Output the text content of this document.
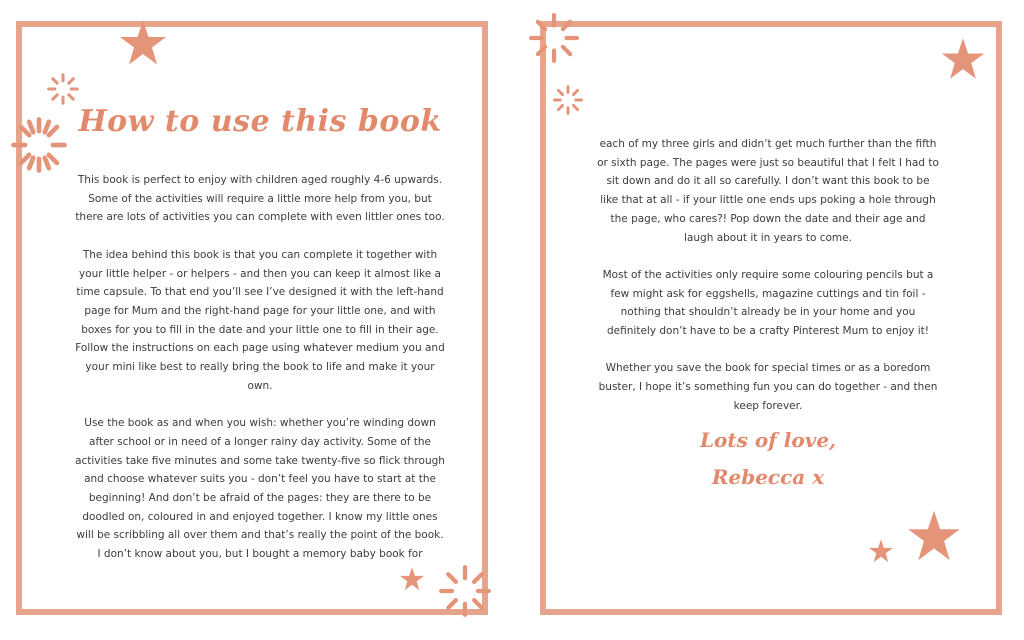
How to use this book

This book is perfect to enjoy with children aged roughly 4-6 upwards. Some of the activities will require a little more help from you, but there are lots of activities you can complete with even littler ones too.

The idea behind this book is that you can complete it together with your little helper - or helpers - and then you can keep it almost like a time capsule. To that end you’ll see I’ve designed it with the left-hand page for Mum and the right-hand page for your little one, and with boxes for you to fill in the date and your little one to fill in their age. Follow the instructions on each page using whatever medium you and your mini like best to really bring the book to life and make it your own.

Use the book as and when you wish: whether you’re winding down after school or in need of a longer rainy day activity. Some of the activities take five minutes and some take twenty-five so flick through and choose whatever suits you - don’t feel you have to start at the beginning! And don’t be afraid of the pages: they are there to be doodled on, coloured in and enjoyed together. I know my little ones will be scribbling all over them and that’s really the point of the book. I don’t know about you, but I bought a memory baby book for

each of my three girls and didn’t get much further than the fifth or sixth page. The pages were just so beautiful that I felt I had to sit down and do it all so carefully. I don’t want this book to be like that at all - if your little one ends ups poking a hole through the page, who cares?! Pop down the date and their age and laugh about it in years to come.

Most of the activities only require some colouring pencils but a few might ask for eggshells, magazine cuttings and tin foil - nothing that shouldn’t already be in your home and you definitely don’t have to be a crafty Pinterest Mum to enjoy it!

Whether you save the book for special times or as a boredom buster, I hope it’s something fun you can do together - and then keep forever.

Lots of love,
Rebecca x
